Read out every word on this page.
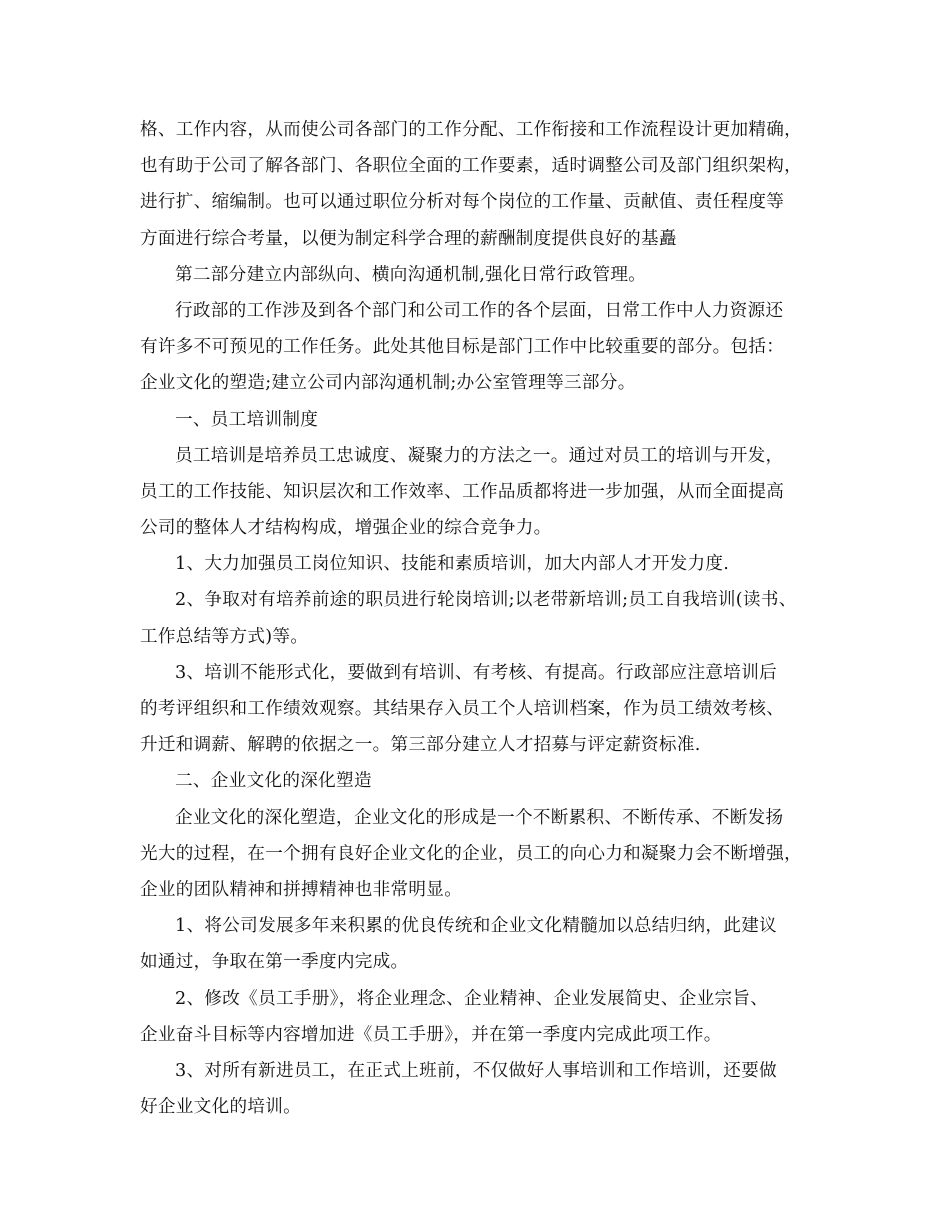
格、工作内容，从而使公司各部门的工作分配、工作衔接和工作流程设计更加精确，
也有助于公司了解各部门、各职位全面的工作要素，适时调整公司及部门组织架构，
进行扩、缩编制。也可以通过职位分析对每个岗位的工作量、贡献值、责任程度等
方面进行综合考量，以便为制定科学合理的薪酬制度提供良好的基矗
第二部分建立内部纵向、横向沟通机制,强化日常行政管理。
行政部的工作涉及到各个部门和公司工作的各个层面，日常工作中人力资源还
有许多不可预见的工作任务。此处其他目标是部门工作中比较重要的部分。包括：
企业文化的塑造;建立公司内部沟通机制;办公室管理等三部分。
一、员工培训制度
员工培训是培养员工忠诚度、凝聚力的方法之一。通过对员工的培训与开发，
员工的工作技能、知识层次和工作效率、工作品质都将进一步加强，从而全面提高
公司的整体人才结构构成，增强企业的综合竞争力。
1、大力加强员工岗位知识、技能和素质培训，加大内部人才开发力度.
2、争取对有培养前途的职员进行轮岗培训;以老带新培训;员工自我培训(读书、
工作总结等方式)等。
3、培训不能形式化，要做到有培训、有考核、有提高。行政部应注意培训后
的考评组织和工作绩效观察。其结果存入员工个人培训档案，作为员工绩效考核、
升迁和调薪、解聘的依据之一。第三部分建立人才招募与评定薪资标准.
二、企业文化的深化塑造
企业文化的深化塑造，企业文化的形成是一个不断累积、不断传承、不断发扬
光大的过程，在一个拥有良好企业文化的企业，员工的向心力和凝聚力会不断增强，
企业的团队精神和拼搏精神也非常明显。
1、将公司发展多年来积累的优良传统和企业文化精髓加以总结归纳，此建议
如通过，争取在第一季度内完成。
2、修改《员工手册》，将企业理念、企业精神、企业发展简史、企业宗旨、
企业奋斗目标等内容增加进《员工手册》，并在第一季度内完成此项工作。
3、对所有新进员工，在正式上班前，不仅做好人事培训和工作培训，还要做
好企业文化的培训。
